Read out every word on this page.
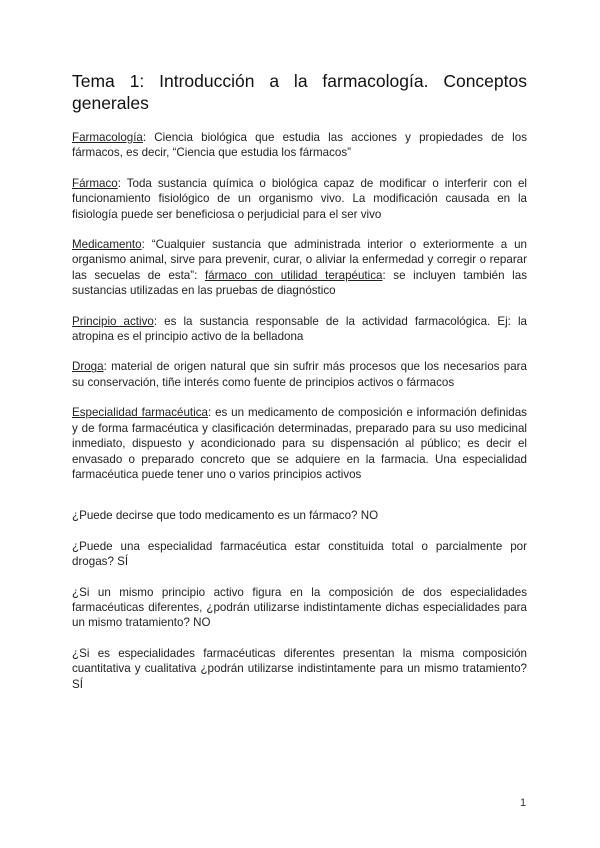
Tema 1: Introducción a la farmacología. Conceptos generales

Farmacología: Ciencia biológica que estudia las acciones y propiedades de los fármacos, es decir, “Ciencia que estudia los fármacos”

Fármaco: Toda sustancia química o biológica capaz de modificar o interferir con el funcionamiento fisiológico de un organismo vivo. La modificación causada en la fisiología puede ser beneficiosa o perjudicial para el ser vivo

Medicamento: “Cualquier sustancia que administrada interior o exteriormente a un organismo animal, sirve para prevenir, curar, o aliviar la enfermedad y corregir o reparar las secuelas de esta”: fármaco con utilidad terapéutica: se incluyen también las sustancias utilizadas en las pruebas de diagnóstico

Principio activo: es la sustancia responsable de la actividad farmacológica. Ej: la atropina es el principio activo de la belladona

Droga: material de origen natural que sin sufrir más procesos que los necesarios para su conservación, tiñe interés como fuente de principios activos o fármacos

Especialidad farmacéutica: es un medicamento de composición e información definidas y de forma farmacéutica y clasificación determinadas, preparado para su uso medicinal inmediato, dispuesto y acondicionado para su dispensación al público; es decir el envasado o preparado concreto que se adquiere en la farmacia. Una especialidad farmacéutica puede tener uno o varios principios activos

¿Puede decirse que todo medicamento es un fármaco? NO

¿Puede una especialidad farmacéutica estar constituida total o parcialmente por drogas? SÍ

¿Si un mismo principio activo figura en la composición de dos especialidades farmacéuticas diferentes, ¿podrán utilizarse indistintamente dichas especialidades para un mismo tratamiento? NO

¿Si es especialidades farmacéuticas diferentes presentan la misma composición cuantitativa y cualitativa ¿podrán utilizarse indistintamente para un mismo tratamiento? SÍ

1
